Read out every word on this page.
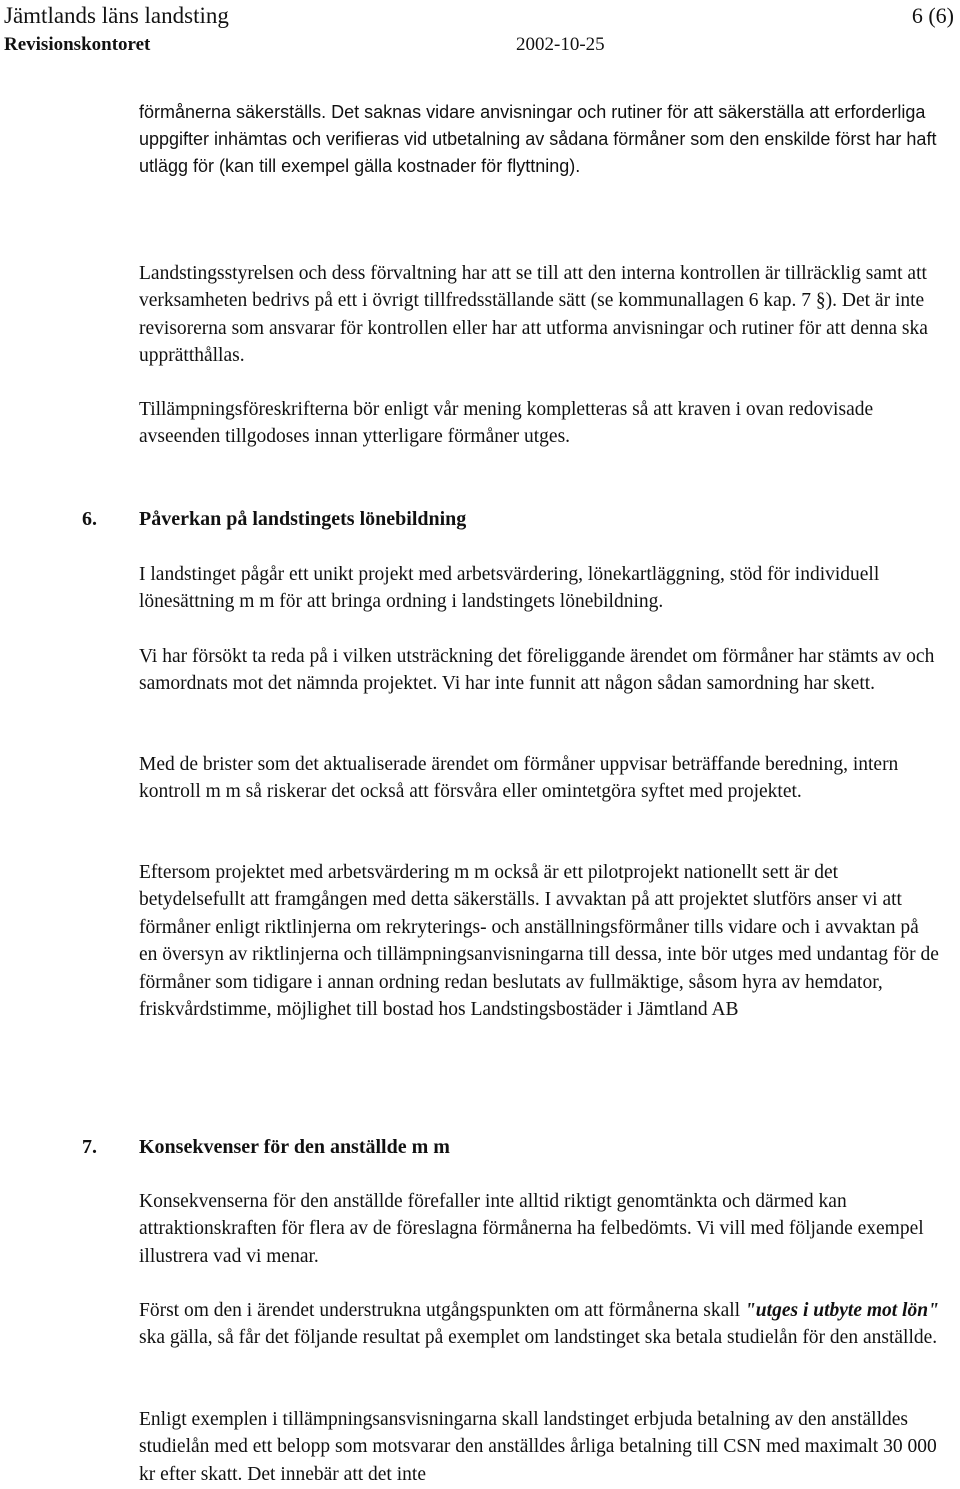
Jämtlands läns landsting	6 (6)
Revisionskontoret	2002-10-25

förmånerna säkerställs. Det saknas vidare anvisningar och rutiner för att säkerställa att erforderliga uppgifter inhämtas och verifieras vid utbetalning av sådana förmåner som den enskilde först har haft utlägg för (kan till exempel gälla kostnader för flyttning).

Landstingsstyrelsen och dess förvaltning har att se till att den interna kontrollen är tillräcklig samt att verksamheten bedrivs på ett i övrigt tillfredsställande sätt (se kommunallagen 6 kap. 7 §). Det är inte revisorerna som ansvarar för kontrollen eller har att utforma anvisningar och rutiner för att denna ska upprätthållas.

Tillämpningsföreskrifterna bör enligt vår mening kompletteras så att kraven i ovan redovisade avseenden tillgodoses innan ytterligare förmåner utges.

6. Påverkan på landstingets lönebildning

I landstinget pågår ett unikt projekt med arbetsvärdering, lönekartläggning, stöd för individuell lönesättning m m för att bringa ordning i landstingets lönebildning.

Vi har försökt ta reda på i vilken utsträckning det föreliggande ärendet om förmåner har stämts av och samordnats mot det nämnda projektet. Vi har inte funnit att någon sådan samordning har skett.

Med de brister som det aktualiserade ärendet om förmåner uppvisar beträffande beredning, intern kontroll m m så riskerar det också att försvåra eller omintetgöra syftet med projektet.

Eftersom projektet med arbetsvärdering m m också är ett pilotprojekt nationellt sett är det betydelsefullt att framgången med detta säkerställs. I avvaktan på att projektet slutförs anser vi att förmåner enligt riktlinjerna om rekryterings- och anställningsförmåner tills vidare och i avvaktan på en översyn av riktlinjerna och tillämpningsanvisningarna till dessa, inte bör utges med undantag för de förmåner som tidigare i annan ordning redan beslutats av fullmäktige, såsom hyra av hemdator, friskvårdstimme, möjlighet till bostad hos Landstingsbostäder i Jämtland AB

7. Konsekvenser för den anställde m m

Konsekvenserna för den anställde förefaller inte alltid riktigt genomtänkta och därmed kan attraktionskraften för flera av de föreslagna förmånerna ha felbedömts. Vi vill med följande exempel illustrera vad vi menar.

Först om den i ärendet understrukna utgångspunkten om att förmånerna skall "utges i utbyte mot lön" ska gälla, så får det följande resultat på exemplet om landstinget ska betala studielån för den anställde.

Enligt exemplen i tillämpningsansvisningarna skall landstinget erbjuda betalning av den anställdes studielån med ett belopp som motsvarar den anställdes årliga betalning till CSN med maximalt 30 000 kr efter skatt. Det innebär att det inte
